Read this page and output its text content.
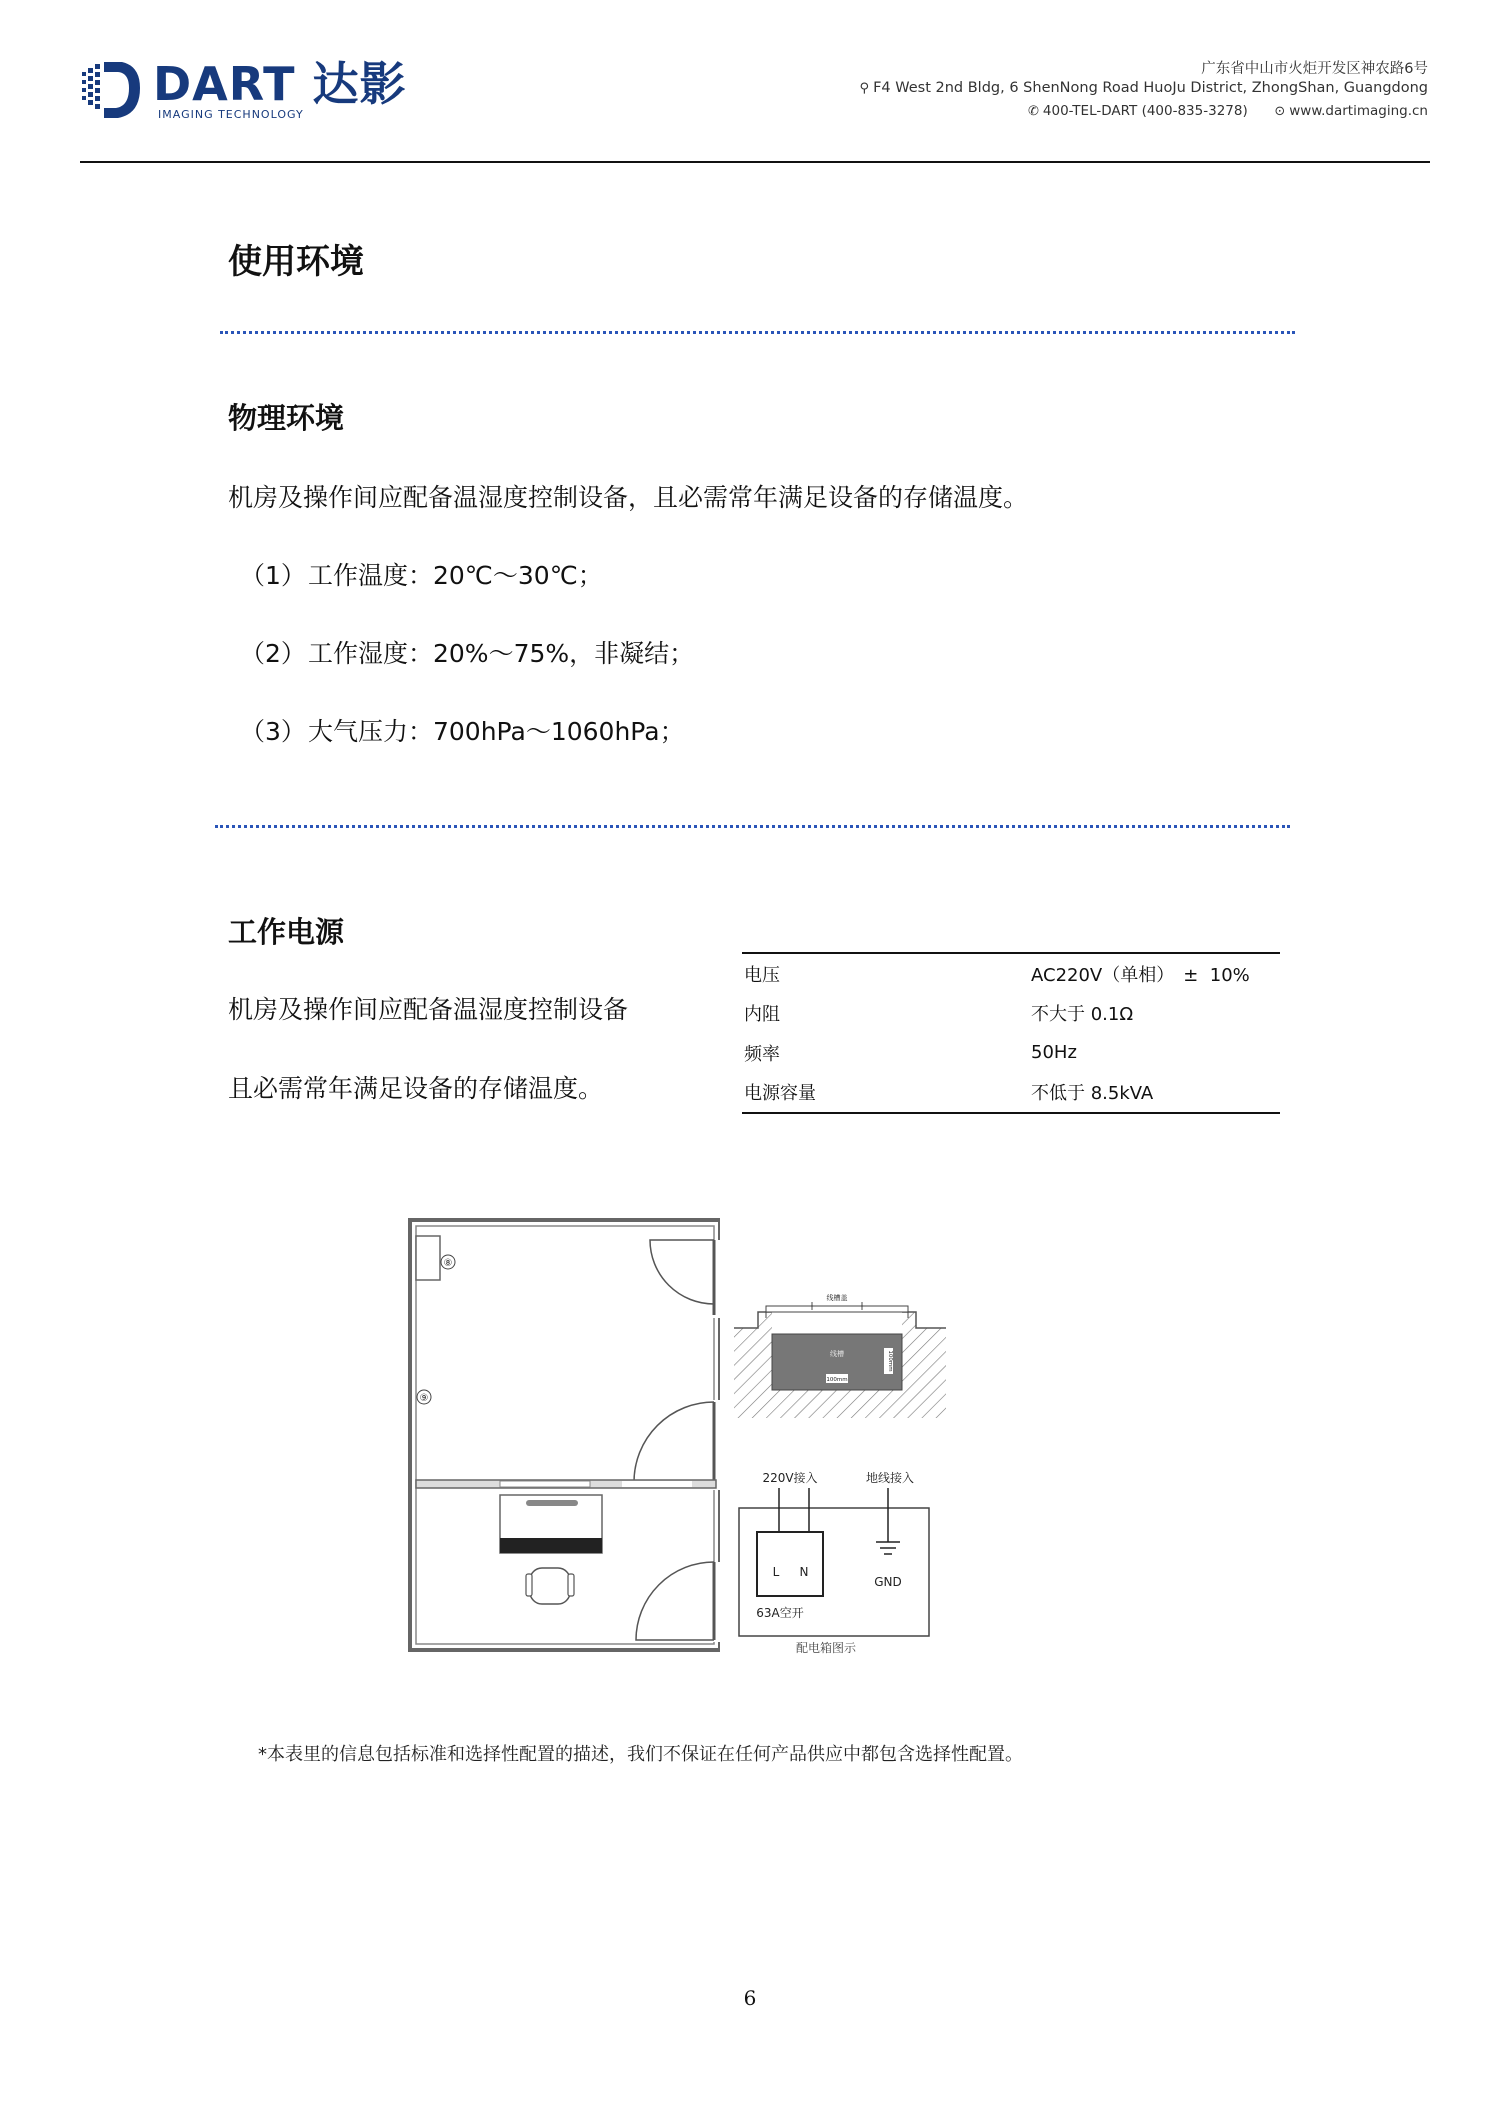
DART 达影
IMAGING TECHNOLOGY
广东省中山市火炬开发区神农路6号
⚲ F4 West 2nd Bldg, 6 ShenNong Road HuoJu District, ZhongShan, Guangdong
✆ 400-TEL-DART (400-835-3278) ⊙ www.dartimaging.cn
使用环境
物理环境
机房及操作间应配备温湿度控制设备，且必需常年满足设备的存储温度。
（1）工作温度：20℃～30℃；
（2）工作湿度：20%～75%，非凝结；
（3）大气压力：700hPa～1060hPa；
工作电源
机房及操作间应配备温湿度控制设备
且必需常年满足设备的存储温度。
电压	AC220V（单相）　±  10%
内阻	不大于 0.1Ω
频率	50Hz
电源容量	不低于 8.5kVA
⑧
⑨
线槽盖
线槽
100mm
100mm
220V接入	地线接入
L N
63A空开
GND
配电箱图示
*本表里的信息包括标准和选择性配置的描述，我们不保证在任何产品供应中都包含选择性配置。
6
